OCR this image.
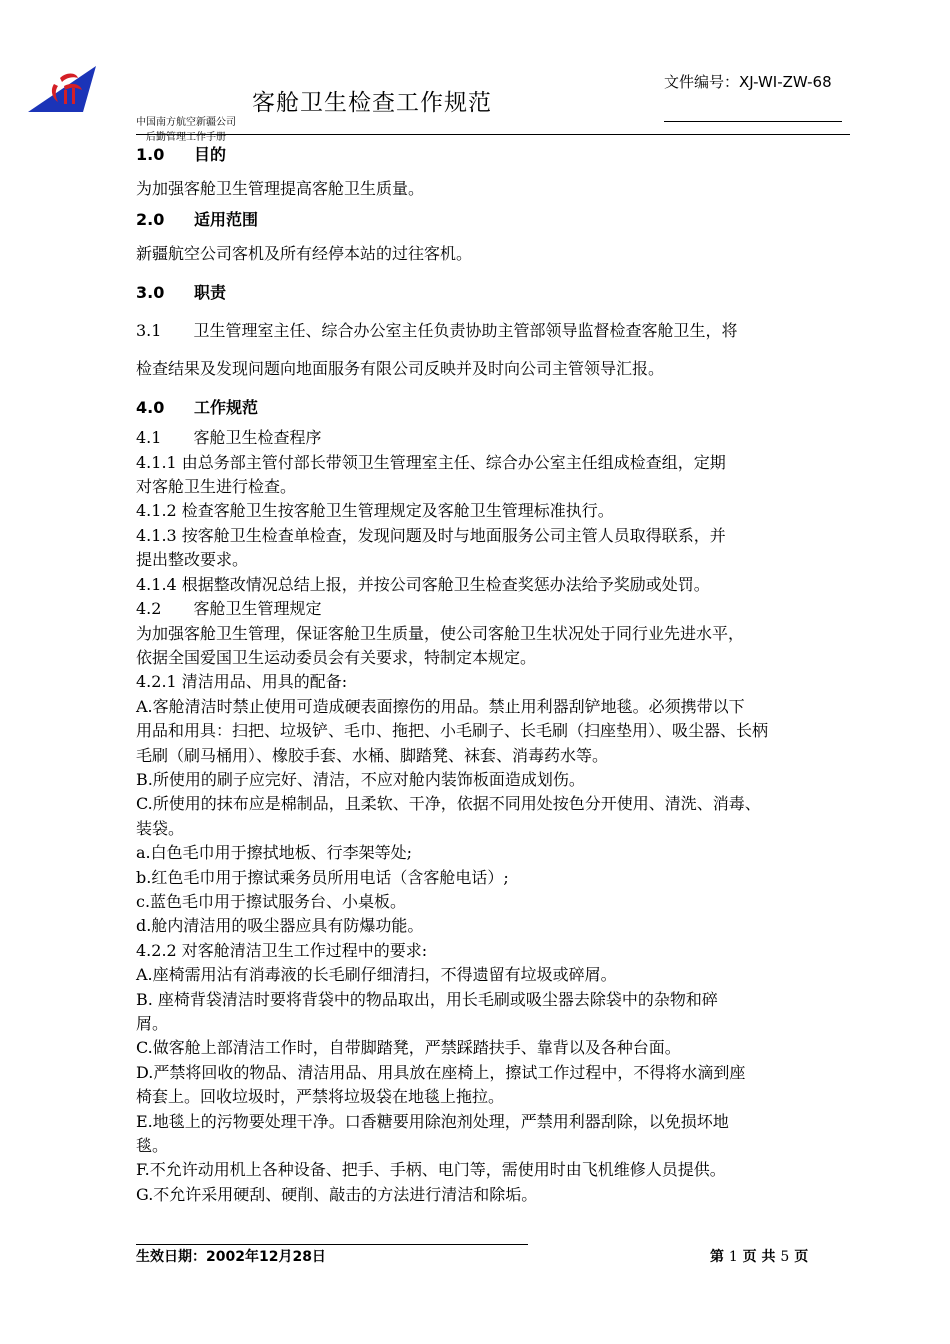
客舱卫生检查工作规范
文件编号：XJ-WI-ZW-68
中国南方航空新疆公司
后勤管理工作手册

1.0 目的

为加强客舱卫生管理提高客舱卫生质量。

2.0 适用范围

新疆航空公司客机及所有经停本站的过往客机。

3.0 职责

3.1　　卫生管理室主任、综合办公室主任负责协助主管部领导监督检查客舱卫生，将

检查结果及发现问题向地面服务有限公司反映并及时向公司主管领导汇报。

4.0 工作规范

4.1　　客舱卫生检查程序

4.1.1 由总务部主管付部长带领卫生管理室主任、综合办公室主任组成检查组，定期

对客舱卫生进行检查。

4.1.2 检查客舱卫生按客舱卫生管理规定及客舱卫生管理标准执行。

4.1.3 按客舱卫生检查单检查，发现问题及时与地面服务公司主管人员取得联系，并

提出整改要求。

4.1.4 根据整改情况总结上报，并按公司客舱卫生检查奖惩办法给予奖励或处罚。

4.2　　客舱卫生管理规定

为加强客舱卫生管理，保证客舱卫生质量，使公司客舱卫生状况处于同行业先进水平，

依据全国爱国卫生运动委员会有关要求，特制定本规定。

4.2.1 清洁用品、用具的配备:

A.客舱清洁时禁止使用可造成硬表面擦伤的用品。禁止用利器刮铲地毯。必须携带以下

用品和用具：扫把、垃圾铲、毛巾、拖把、小毛刷子、长毛刷（扫座垫用）、吸尘器、长柄

毛刷（刷马桶用）、橡胶手套、水桶、脚踏凳、袜套、消毒药水等。

B.所使用的刷子应完好、清洁，不应对舱内装饰板面造成划伤。

C.所使用的抹布应是棉制品，且柔软、干净，依据不同用处按色分开使用、清洗、消毒、

装袋。

a.白色毛巾用于擦拭地板、行李架等处;

b.红色毛巾用于擦试乘务员所用电话（含客舱电话）;

c.蓝色毛巾用于擦试服务台、小桌板。

d.舱内清洁用的吸尘器应具有防爆功能。

4.2.2 对客舱清洁卫生工作过程中的要求:

A.座椅需用沾有消毒液的长毛刷仔细清扫，不得遗留有垃圾或碎屑。

B. 座椅背袋清洁时要将背袋中的物品取出，用长毛刷或吸尘器去除袋中的杂物和碎

屑。

C.做客舱上部清洁工作时，自带脚踏凳，严禁踩踏扶手、靠背以及各种台面。

D.严禁将回收的物品、清洁用品、用具放在座椅上，擦试工作过程中，不得将水滴到座

椅套上。回收垃圾时，严禁将垃圾袋在地毯上拖拉。

E.地毯上的污物要处理干净。口香糖要用除泡剂处理，严禁用利器刮除，以免损坏地

毯。

F.不允许动用机上各种设备、把手、手柄、电门等，需使用时由飞机维修人员提供。

G.不允许采用硬刮、硬削、敲击的方法进行清洁和除垢。

生效日期：2002年12月28日	第 1 页 共 5 页
